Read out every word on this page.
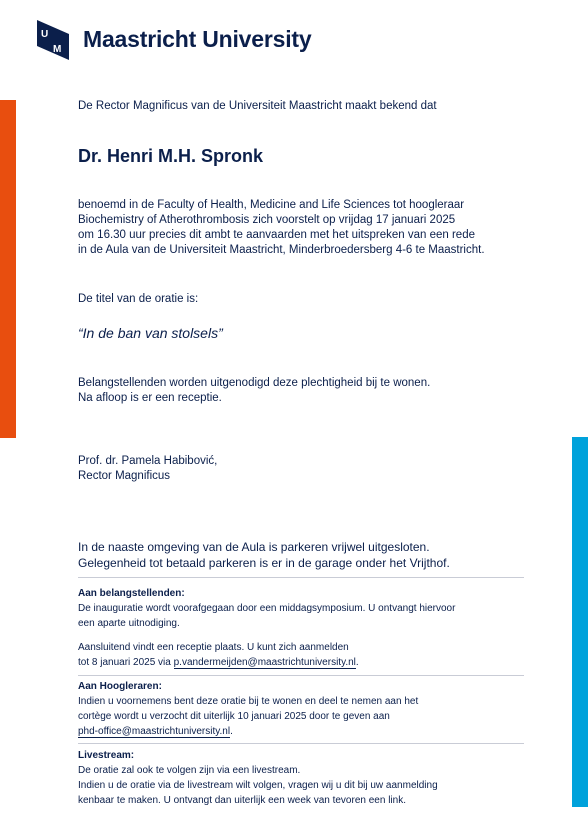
U
M Maastricht University
De Rector Magnificus van de Universiteit Maastricht maakt bekend dat
Dr. Henri M.H. Spronk
benoemd in de Faculty of Health, Medicine and Life Sciences tot hoogleraar
Biochemistry of Atherothrombosis zich voorstelt op vrijdag 17 januari 2025
om 16.30 uur precies dit ambt te aanvaarden met het uitspreken van een rede
in de Aula van de Universiteit Maastricht, Minderbroedersberg 4-6 te Maastricht.
De titel van de oratie is:
“In de ban van stolsels”
Belangstellenden worden uitgenodigd deze plechtigheid bij te wonen.
Na afloop is er een receptie.
Prof. dr. Pamela Habibović,
Rector Magnificus
In de naaste omgeving van de Aula is parkeren vrijwel uitgesloten.
Gelegenheid tot betaald parkeren is er in de garage onder het Vrijthof.
Aan belangstellenden:
De inauguratie wordt voorafgegaan door een middagsymposium. U ontvangt hiervoor
een aparte uitnodiging.
Aansluitend vindt een receptie plaats. U kunt zich aanmelden
tot 8 januari 2025 via p.vandermeijden@maastrichtuniversity.nl.
Aan Hoogleraren:
Indien u voornemens bent deze oratie bij te wonen en deel te nemen aan het
cortège wordt u verzocht dit uiterlijk 10 januari 2025 door te geven aan
phd-office@maastrichtuniversity.nl.
Livestream:
De oratie zal ook te volgen zijn via een livestream.
Indien u de oratie via de livestream wilt volgen, vragen wij u dit bij uw aanmelding
kenbaar te maken. U ontvangt dan uiterlijk een week van tevoren een link.
